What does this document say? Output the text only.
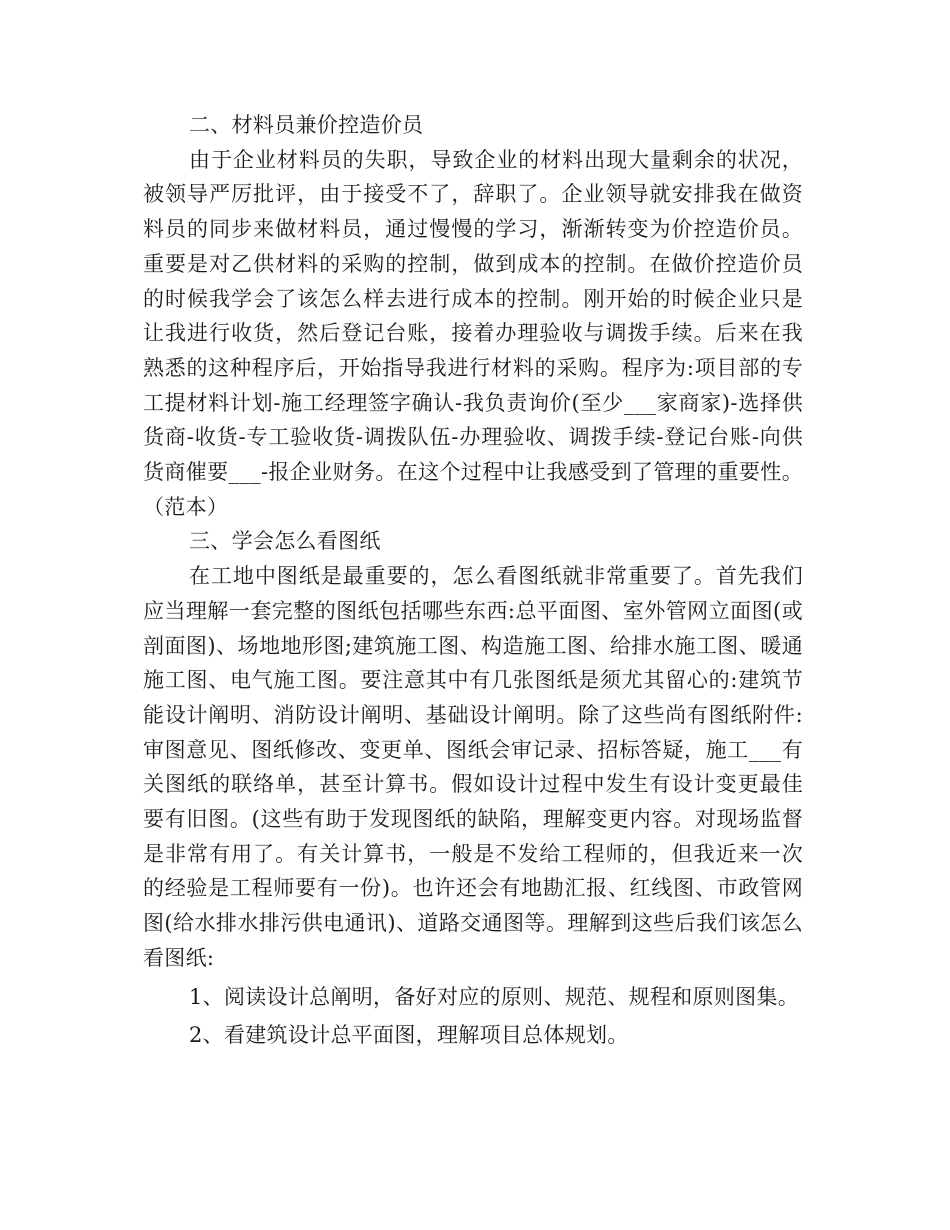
二、材料员兼价控造价员

由于企业材料员的失职，导致企业的材料出现大量剩余的状况，被领导严厉批评，由于接受不了，辞职了。企业领导就安排我在做资料员的同步来做材料员，通过慢慢的学习，渐渐转变为价控造价员。重要是对乙供材料的采购的控制，做到成本的控制。在做价控造价员的时候我学会了该怎么样去进行成本的控制。刚开始的时候企业只是让我进行收货，然后登记台账，接着办理验收与调拨手续。后来在我熟悉的这种程序后，开始指导我进行材料的采购。程序为:项目部的专工提材料计划-施工经理签字确认-我负责询价(至少___家商家)-选择供货商-收货-专工验收货-调拨队伍-办理验收、调拨手续-登记台账-向供货商催要___-报企业财务。在这个过程中让我感受到了管理的重要性。（范本）

三、学会怎么看图纸

在工地中图纸是最重要的，怎么看图纸就非常重要了。首先我们应当理解一套完整的图纸包括哪些东西:总平面图、室外管网立面图(或剖面图)、场地地形图;建筑施工图、构造施工图、给排水施工图、暖通施工图、电气施工图。要注意其中有几张图纸是须尤其留心的:建筑节能设计阐明、消防设计阐明、基础设计阐明。除了这些尚有图纸附件:审图意见、图纸修改、变更单、图纸会审记录、招标答疑，施工___有关图纸的联络单，甚至计算书。假如设计过程中发生有设计变更最佳要有旧图。(这些有助于发现图纸的缺陷，理解变更内容。对现场监督是非常有用了。有关计算书，一般是不发给工程师的，但我近来一次的经验是工程师要有一份)。也许还会有地勘汇报、红线图、市政管网图(给水排水排污供电通讯)、道路交通图等。理解到这些后我们该怎么看图纸:

1、阅读设计总阐明，备好对应的原则、规范、规程和原则图集。
2、看建筑设计总平面图，理解项目总体规划。
